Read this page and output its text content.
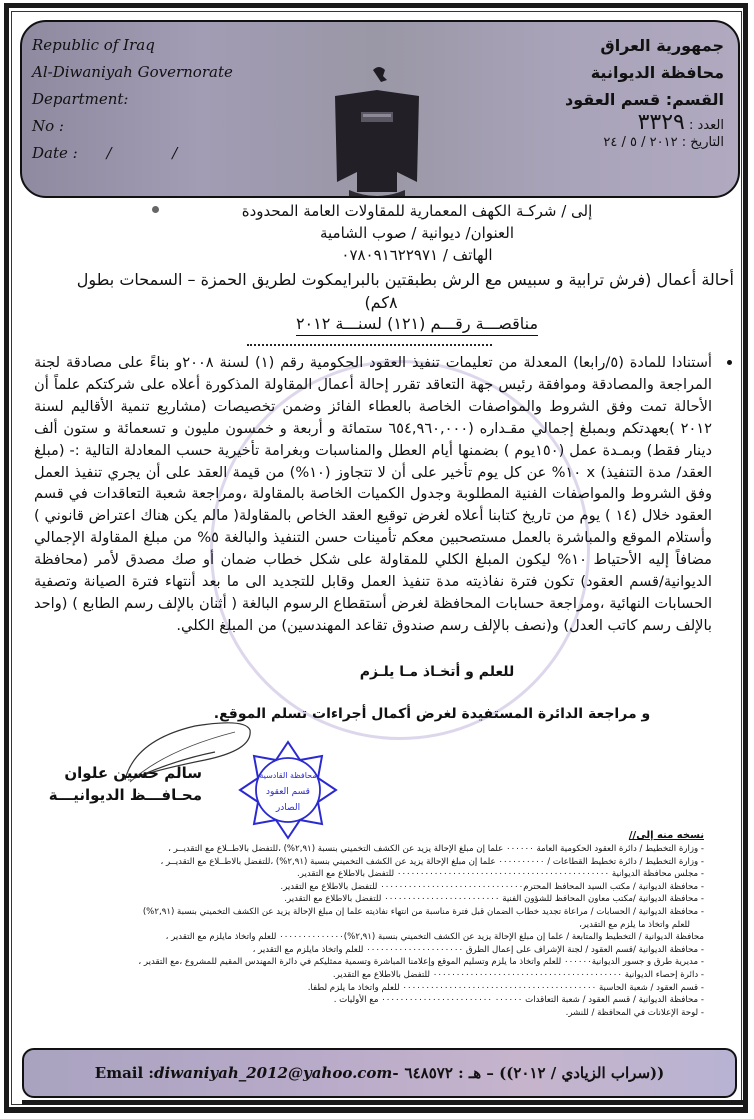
Republic of Iraq
Al-Diwaniyah Governorate
Department:
No :
Date : / /
جمهورية العراق
محافظة الديوانية
القسم: قسم العقود
العدد : ٣٣٢٩
التاريخ : ٢٠١٢ / ٥ / ٢٤
إلى / شركـة الكهف المعمارية للمقاولات العامة المحدودة
العنوان/ ديوانية / صوب الشامية
الهاتف / ٠٧٨٠٩١٦٢٢٩٧١
أحالة أعمال (فرش ترابية و سبيس مع الرش بطبقتين بالبرايمكوت لطريق الحمزة – السمحات بطول
٨كم)
مناقصـــة رقـــم (١٢١) لسنـــة ٢٠١٢
أستنادا للمادة (٥/رابعا) المعدلة من تعليمات تنفيذ العقود الحكومية رقم (١) لسنة ٢٠٠٨و بناءً على مصادقة لجنة المراجعة والمصادقة وموافقة رئيس جهة التعاقد تقرر إحالة أعمال المقاولة المذكورة أعلاه على شركتكم علماً أن الأحالة تمت وفق الشروط والمواصفات الخاصة بالعطاء الفائز وضمن تخصيصات (مشاريع تنمية الأقاليم لسنة ٢٠١٢ )بعهدتكم وبمبلغ إجمالي مقـداره (٦٥٤,٩٦٠,٠٠٠ ستمائة و أربعة و خمسون مليون و تسعمائة و ستون ألف دينار فقط) وبمـدة عمل (١٥٠يوم ) بضمنها أيام العطل والمناسبات وبغرامة تأخيرية حسب المعادلة التالية :- (مبلغ العقد/ مدة التنفيذ) x ١٠% عن كل يوم تأخير على أن لا تتجاوز (١٠%) من قيمة العقد على أن يجري تنفيذ العمل وفق الشروط والمواصفات الفنية المطلوبة وجدول الكميات الخاصة بالمقاولة ،ومراجعة شعبة التعاقدات في قسم العقود خلال (١٤ ) يوم من تاريخ كتابنا أعلاه لغرض توقيع العقد الخاص بالمقاولة( مالم يكن هناك اعتراض قانوني ) وأستلام الموقع والمباشرة بالعمل مستصحبين معكم تأمينات حسن التنفيذ والبالغة ٥% من مبلغ المقاولة الإجمالي مضافاً إليه الأحتياط ١٠% ليكون المبلغ الكلي للمقاولة على شكل خطاب ضمان أو صك مصدق لأمر (محافظة الديوانية/قسم العقود) تكون فترة نفاذيته مدة تنفيذ العمل وقابل للتجديد الى ما بعد أنتهاء فترة الصيانة وتصفية الحسابات النهائية ،ومراجعة حسابات المحافظة لغرض أستقطاع الرسوم البالغة ( أثنان بالإلف رسم الطابع ) (واحد بالإلف رسم كاتب العدل) و(نصف بالإلف رسم صندوق تقاعد المهندسين) من المبلغ الكلي.
للعلم و أتخـاذ مـا يلـزم
و مراجعة الدائرة المستفيدة لغرض أكمال أجراءات تسلم الموقع.
سالم حسين علوان
محـافـــظ الديوانيـــة
محافظة القادسية
قسم العقود
الصادر
نسخه منه إلى//
- وزارة التخطيط / دائرة العقود الحكومية العامة ٠٠٠٠٠٠ علما إن مبلغ الإحالة يزيد عن الكشف التخميني بنسبة (٢,٩١%) ،للتفضل بالاطــلاع مع التقديــر ،
- وزارة التخطيط / دائرة تخطيط القطاعات / ٠٠٠٠٠٠٠٠٠٠ علما إن مبلغ الإحالة يزيد عن الكشف التخميني بنسبة (٢,٩١%) ،للتفضل بالاطــلاع مع التقديــر ،
- مجلس محافظة الديوانية ٠٠٠٠٠٠٠٠٠٠٠٠٠٠٠٠٠٠٠٠٠٠٠٠٠٠٠٠٠٠٠٠٠٠٠٠٠٠٠٠٠٠٠٠٠٠ للتفضل بالاطلاع مع التقدير.
- محافظة الديوانية / مكتب السيد المحافظ المحترم٠٠٠٠٠٠٠٠٠٠٠٠٠٠٠٠٠٠٠٠٠٠٠٠٠٠٠٠٠٠٠ للتفضل بالاطلاع مع التقدير.
- محافظة الديوانية /مكتب معاون المحافظ للشؤون الفنية ٠٠٠٠٠٠٠٠٠٠٠٠٠٠٠٠٠٠٠٠٠٠٠٠٠ للتفضل بالاطلاع مع التقدير.
- محافظة الديوانية / الحسابات / مراعاة تجديد خطاب الضمان قبل فترة مناسبة من انتهاء نفاذيته علما إن مبلغ الإحالة يزيد عن الكشف التخميني بنسبة (٢,٩١%)
للعلم واتخاذ ما يلزم مع التقدير،
محافظة الديوانية / التخطيط والمتابعة / علما إن مبلغ الإحالة يزيد عن الكشف التخميني بنسبة (٢,٩١%)٠٠٠٠٠٠٠٠٠٠٠٠٠٠ للعلم واتخاذ مايلزم مع التقدير ،
- محافظة الديوانية /قسم العقود / لجنة الإشراف على إعمال الطرق ٠٠٠٠٠٠٠٠٠٠٠٠٠٠٠٠٠٠٠٠٠ للعلم واتخاذ مايلزم مع التقدير ،
- مديرية طرق و جسور الديوانية٠٠٠٠٠٠ للعلم واتخاذ ما يلزم وتسليم الموقع وإعلامنا المباشرة وتسمية ممثليكم في دائرة المهندس المقيم للمشروع ،مع التقدير ،
- دائرة إحصاء الديوانية ٠٠٠٠٠٠٠٠٠٠٠٠٠٠٠٠٠٠٠٠٠٠٠٠٠٠٠٠٠٠٠٠٠٠٠٠٠٠٠٠٠ للتفضل بالاطلاع مع التقدير.
- قسم العقود / شعبة الحاسبة ٠٠٠٠٠٠٠٠٠٠٠٠٠٠٠٠٠٠٠٠٠٠٠٠٠٠٠٠٠٠٠٠٠٠٠٠٠٠٠٠٠٠ للعلم واتخاذ ما يلزم لطفا.
- محافظة الديوانية / قسم العقود / شعبة التعاقدات ٠٠٠٠٠٠ ٠٠٠٠٠٠٠٠٠٠٠٠٠٠٠٠٠٠٠٠٠٠٠٠ مع الأوليات .
- لوحة الإعلانات في المحافظة / للنشر.
Email : diwaniyah_2012@yahoo.com - ((سراب الزيادي / ٢٠١٢)) – هـ : ٦٤٨٥٧٢
